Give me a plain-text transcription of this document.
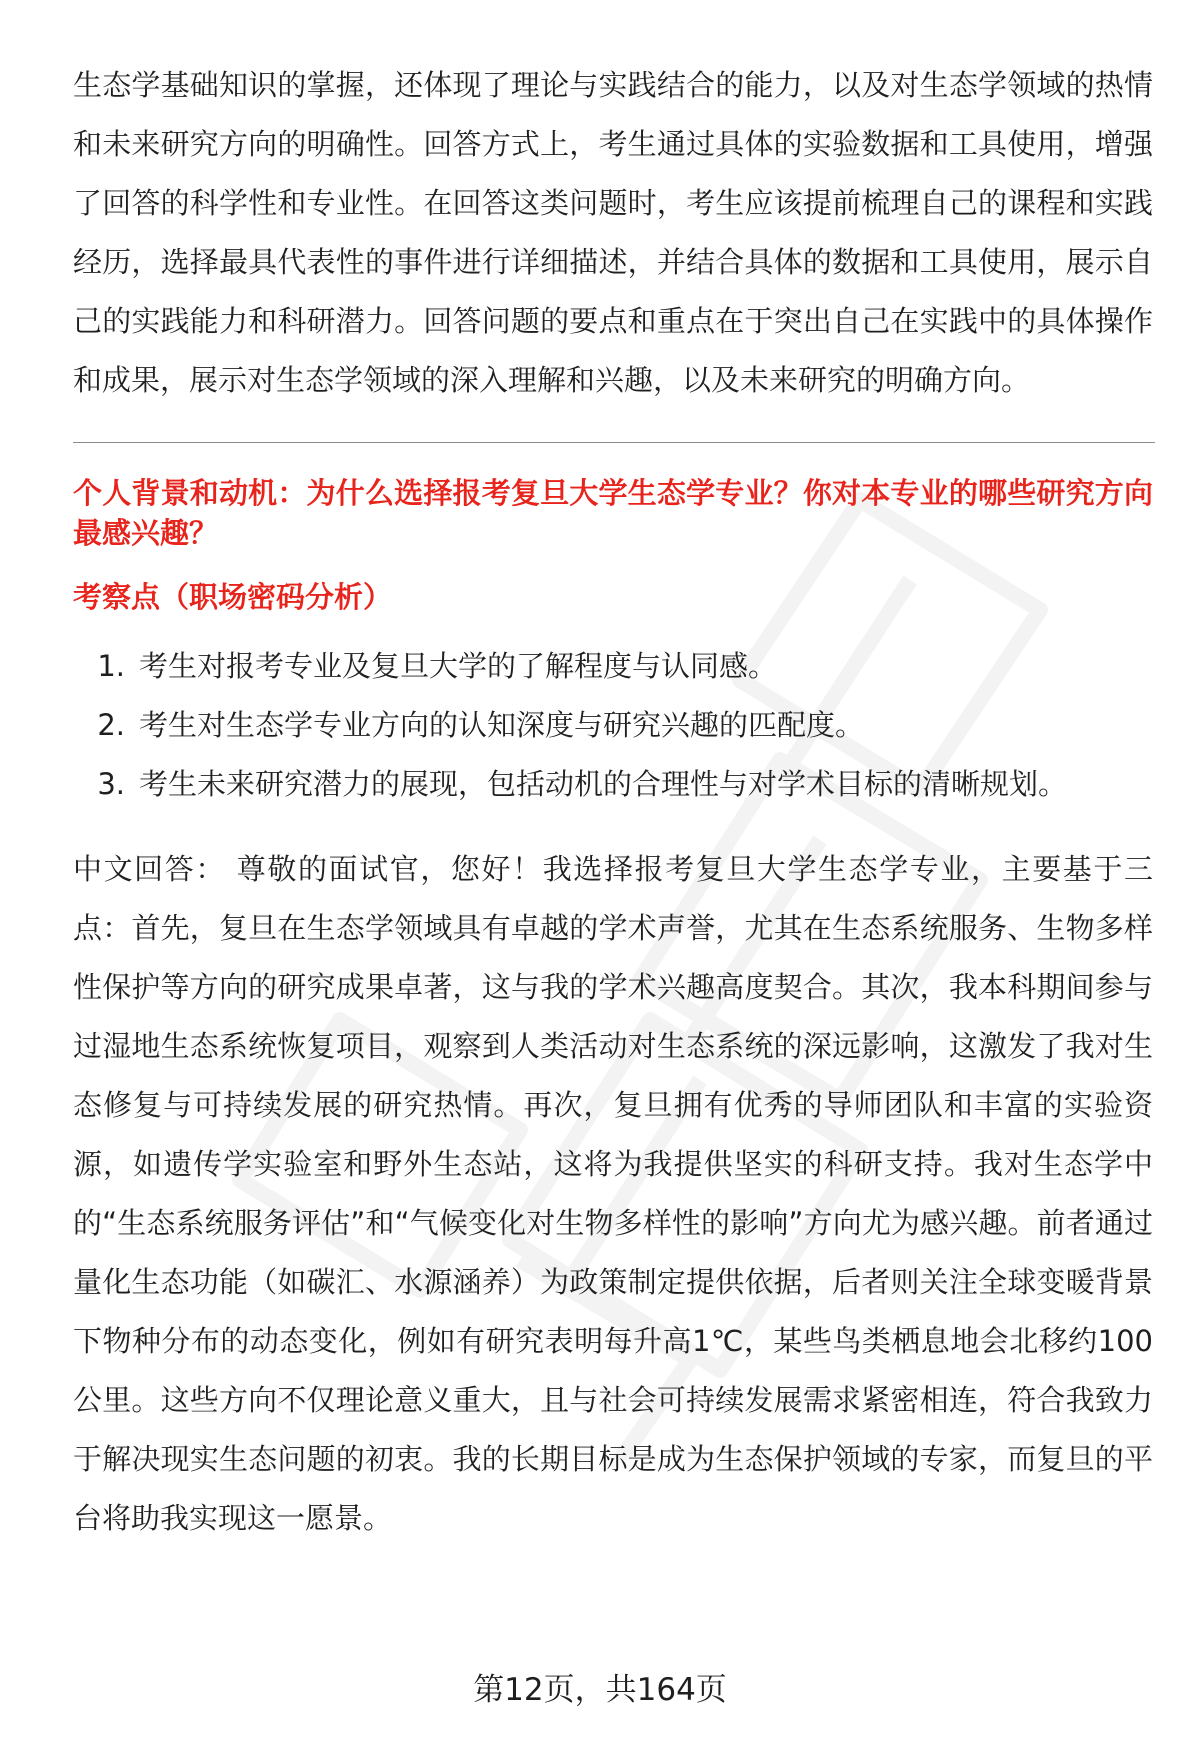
生态学基础知识的掌握，还体现了理论与实践结合的能力，以及对生态学领域的热情和未来研究方向的明确性。回答方式上，考生通过具体的实验数据和工具使用，增强了回答的科学性和专业性。在回答这类问题时，考生应该提前梳理自己的课程和实践经历，选择最具代表性的事件进行详细描述，并结合具体的数据和工具使用，展示自己的实践能力和科研潜力。回答问题的要点和重点在于突出自己在实践中的具体操作和成果，展示对生态学领域的深入理解和兴趣，以及未来研究的明确方向。

个人背景和动机：为什么选择报考复旦大学生态学专业？你对本专业的哪些研究方向最感兴趣？

考察点（职场密码分析）

1. 考生对报考专业及复旦大学的了解程度与认同感。
2. 考生对生态学专业方向的认知深度与研究兴趣的匹配度。
3. 考生未来研究潜力的展现，包括动机的合理性与对学术目标的清晰规划。

中文回答： 尊敬的面试官，您好！我选择报考复旦大学生态学专业，主要基于三点：首先，复旦在生态学领域具有卓越的学术声誉，尤其在生态系统服务、生物多样性保护等方向的研究成果卓著，这与我的学术兴趣高度契合。其次，我本科期间参与过湿地生态系统恢复项目，观察到人类活动对生态系统的深远影响，这激发了我对生态修复与可持续发展的研究热情。再次，复旦拥有优秀的导师团队和丰富的实验资源，如遗传学实验室和野外生态站，这将为我提供坚实的科研支持。我对生态学中的“生态系统服务评估”和“气候变化对生物多样性的影响”方向尤为感兴趣。前者通过量化生态功能（如碳汇、水源涵养）为政策制定提供依据，后者则关注全球变暖背景下物种分布的动态变化，例如有研究表明每升高1℃，某些鸟类栖息地会北移约100公里。这些方向不仅理论意义重大，且与社会可持续发展需求紧密相连，符合我致力于解决现实生态问题的初衷。我的长期目标是成为生态保护领域的专家，而复旦的平台将助我实现这一愿景。

第12页，共164页
